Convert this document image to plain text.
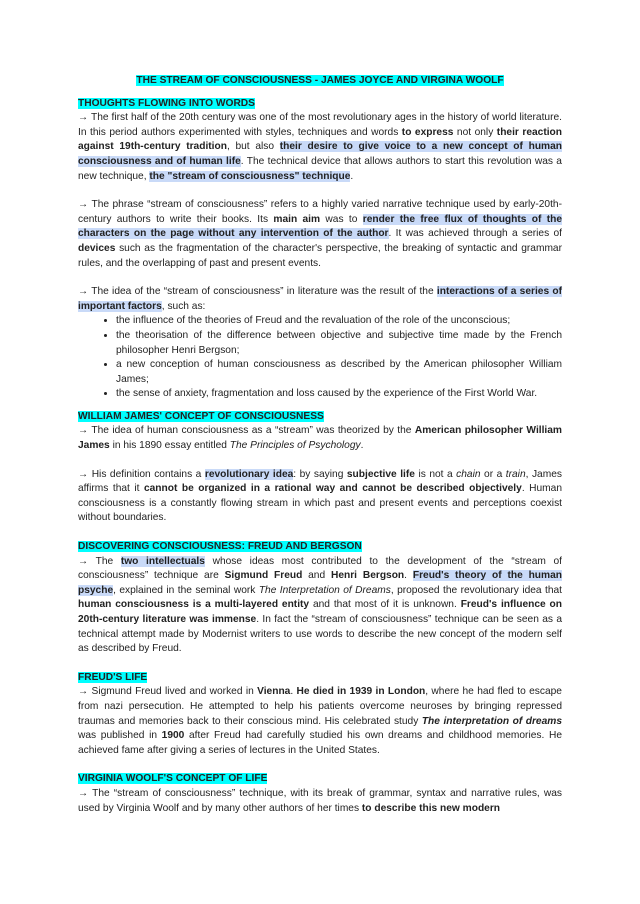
THE STREAM OF CONSCIOUSNESS - JAMES JOYCE AND VIRGINA WOOLF
THOUGHTS FLOWING INTO WORDS

→ The first half of the 20th century was one of the most revolutionary ages in the history of world literature. In this period authors experimented with styles, techniques and words to express not only their reaction against 19th-century tradition, but also their desire to give voice to a new concept of human consciousness and of human life. The technical device that allows authors to start this revolution was a new technique, the "stream of consciousness" technique.

→ The phrase “stream of consciousness” refers to a highly varied narrative technique used by early-20th-century authors to write their books. Its main aim was to render the free flux of thoughts of the characters on the page without any intervention of the author. It was achieved through a series of devices such as the fragmentation of the character's perspective, the breaking of syntactic and grammar rules, and the overlapping of past and present events.

→ The idea of the “stream of consciousness” in literature was the result of the interactions of a series of important factors, such as:

• the influence of the theories of Freud and the revaluation of the role of the unconscious;
• the theorisation of the difference between objective and subjective time made by the French philosopher Henri Bergson;
• a new conception of human consciousness as described by the American philosopher William James;
• the sense of anxiety, fragmentation and loss caused by the experience of the First World War.
WILLIAM JAMES' CONCEPT OF CONSCIOUSNESS

→ The idea of human consciousness as a “stream” was theorized by the American philosopher William James in his 1890 essay entitled The Principles of Psychology.

→ His definition contains a revolutionary idea: by saying subjective life is not a chain or a train, James affirms that it cannot be organized in a rational way and cannot be described objectively. Human consciousness is a constantly flowing stream in which past and present events and perceptions coexist without boundaries.

DISCOVERING CONSCIOUSNESS: FREUD AND BERGSON

→ The two intellectuals whose ideas most contributed to the development of the “stream of consciousness” technique are Sigmund Freud and Henri Bergson. Freud's theory of the human psyche, explained in the seminal work The Interpretation of Dreams, proposed the revolutionary idea that human consciousness is a multi-layered entity and that most of it is unknown. Freud's influence on 20th-century literature was immense. In fact the “stream of consciousness” technique can be seen as a technical attempt made by Modernist writers to use words to describe the new concept of the modern self as described by Freud.

FREUD'S LIFE

→ Sigmund Freud lived and worked in Vienna. He died in 1939 in London, where he had fled to escape from nazi persecution. He attempted to help his patients overcome neuroses by bringing repressed traumas and memories back to their conscious mind. His celebrated study The interpretation of dreams was published in 1900 after Freud had carefully studied his own dreams and childhood memories. He achieved fame after giving a series of lectures in the United States.

VIRGINIA WOOLF'S CONCEPT OF LIFE

→ The “stream of consciousness” technique, with its break of grammar, syntax and narrative rules, was used by Virginia Woolf and by many other authors of her times to describe this new modern
